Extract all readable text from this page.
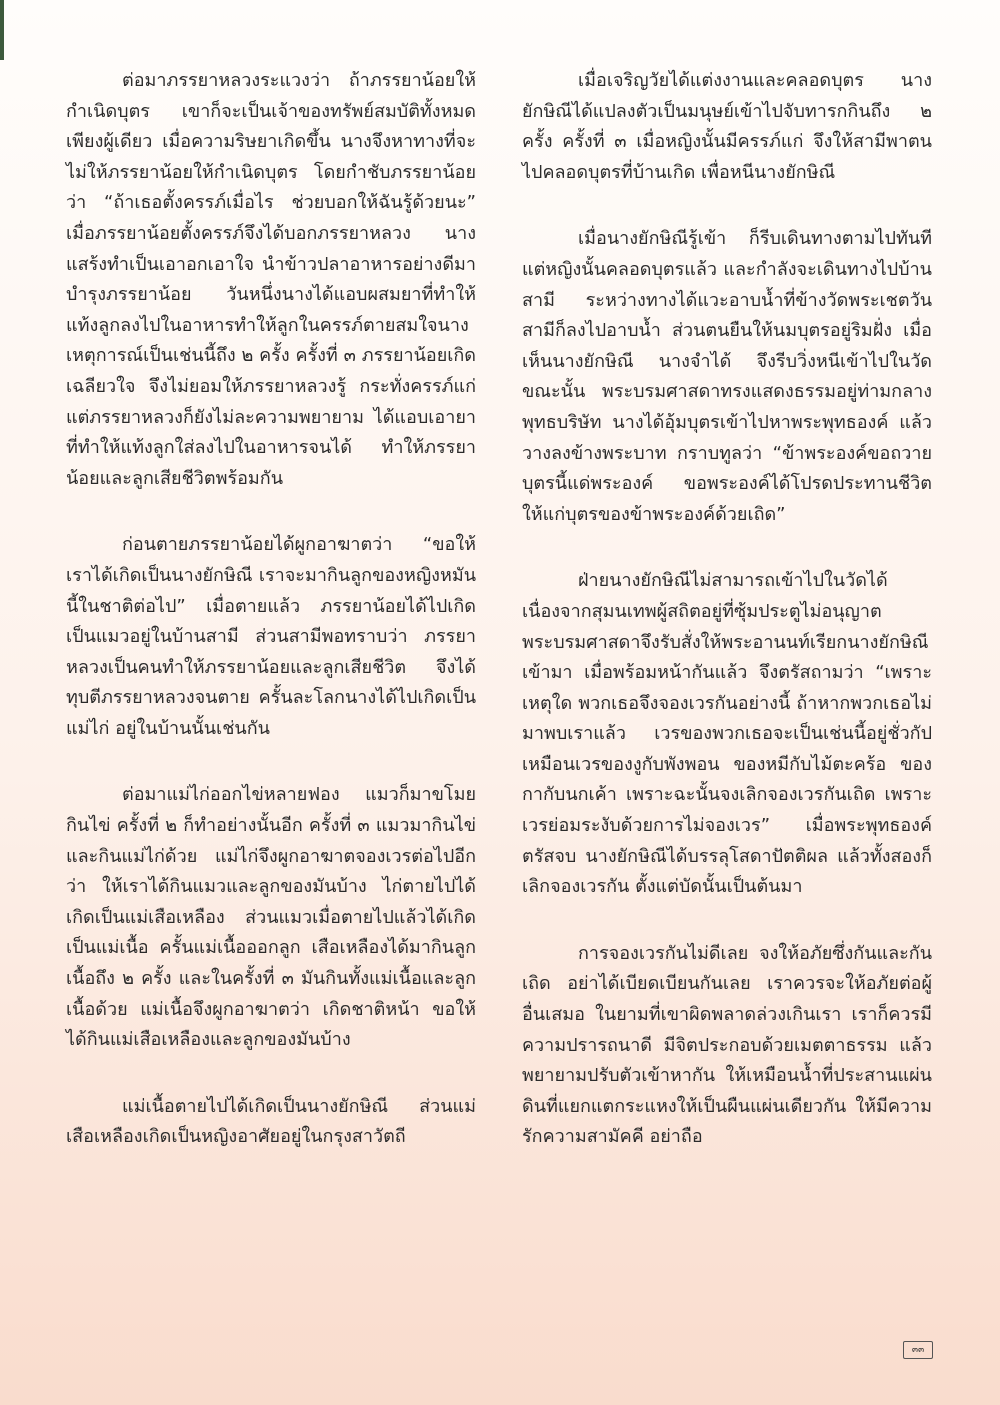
ต่อมาภรรยาหลวงระแวงว่า ถ้าภรรยาน้อยให้กำเนิดบุตร เขาก็จะเป็นเจ้าของทรัพย์สมบัติทั้งหมดเพียงผู้เดียว เมื่อความริษยาเกิดขึ้น นางจึงหาทางที่จะไม่ให้ภรรยาน้อยให้กำเนิดบุตร โดยกำชับภรรยาน้อยว่า “ถ้าเธอตั้งครรภ์เมื่อไร ช่วยบอกให้ฉันรู้ด้วยนะ” เมื่อภรรยาน้อยตั้งครรภ์จึงได้บอกภรรยาหลวง นางแสร้งทำเป็นเอาอกเอาใจ นำข้าวปลาอาหารอย่างดีมาบำรุงภรรยาน้อย วันหนึ่งนางได้แอบผสมยาที่ทำให้แท้งลูกลงไปในอาหารทำให้ลูกในครรภ์ตายสมใจนาง เหตุการณ์เป็นเช่นนี้ถึง ๒ ครั้ง ครั้งที่ ๓ ภรรยาน้อยเกิดเฉลียวใจ จึงไม่ยอมให้ภรรยาหลวงรู้ กระทั่งครรภ์แก่ แต่ภรรยาหลวงก็ยังไม่ละความพยายาม ได้แอบเอายาที่ทำให้แท้งลูกใส่ลงไปในอาหารจนได้ ทำให้ภรรยาน้อยและลูกเสียชีวิตพร้อมกัน

ก่อนตายภรรยาน้อยได้ผูกอาฆาตว่า “ขอให้เราได้เกิดเป็นนางยักษิณี เราจะมากินลูกของหญิงหมันนี้ในชาติต่อไป” เมื่อตายแล้ว ภรรยาน้อยได้ไปเกิดเป็นแมวอยู่ในบ้านสามี ส่วนสามีพอทราบว่า ภรรยาหลวงเป็นคนทำให้ภรรยาน้อยและลูกเสียชีวิต จึงได้ทุบตีภรรยาหลวงจนตาย ครั้นละโลกนางได้ไปเกิดเป็นแม่ไก่ อยู่ในบ้านนั้นเช่นกัน

ต่อมาแม่ไก่ออกไข่หลายฟอง แมวก็มาขโมยกินไข่ ครั้งที่ ๒ ก็ทำอย่างนั้นอีก ครั้งที่ ๓ แมวมากินไข่และกินแม่ไก่ด้วย แม่ไก่จึงผูกอาฆาตจองเวรต่อไปอีกว่า ให้เราได้กินแมวและลูกของมันบ้าง ไก่ตายไปได้เกิดเป็นแม่เสือเหลือง ส่วนแมวเมื่อตายไปแล้วได้เกิดเป็นแม่เนื้อ ครั้นแม่เนื้อออกลูก เสือเหลืองได้มากินลูกเนื้อถึง ๒ ครั้ง และในครั้งที่ ๓ มันกินทั้งแม่เนื้อและลูกเนื้อด้วย แม่เนื้อจึงผูกอาฆาตว่า เกิดชาติหน้า ขอให้ได้กินแม่เสือเหลืองและลูกของมันบ้าง

แม่เนื้อตายไปได้เกิดเป็นนางยักษิณี ส่วนแม่เสือเหลืองเกิดเป็นหญิงอาศัยอยู่ในกรุงสาวัตถี

เมื่อเจริญวัยได้แต่งงานและคลอดบุตร นางยักษิณีได้แปลงตัวเป็นมนุษย์เข้าไปจับทารกกินถึง ๒ ครั้ง ครั้งที่ ๓ เมื่อหญิงนั้นมีครรภ์แก่ จึงให้สามีพาตนไปคลอดบุตรที่บ้านเกิด เพื่อหนีนางยักษิณี

เมื่อนางยักษิณีรู้เข้า ก็รีบเดินทางตามไปทันที แต่หญิงนั้นคลอดบุตรแล้ว และกำลังจะเดินทางไปบ้านสามี ระหว่างทางได้แวะอาบน้ำที่ข้างวัดพระเชตวัน สามีก็ลงไปอาบน้ำ ส่วนตนยืนให้นมบุตรอยู่ริมฝั่ง เมื่อเห็นนางยักษิณี นางจำได้ จึงรีบวิ่งหนีเข้าไปในวัด ขณะนั้น พระบรมศาสดาทรงแสดงธรรมอยู่ท่ามกลางพุทธบริษัท นางได้อุ้มบุตรเข้าไปหาพระพุทธองค์ แล้ววางลงข้างพระบาท กราบทูลว่า “ข้าพระองค์ขอถวายบุตรนี้แด่พระองค์ ขอพระองค์ได้โปรดประทานชีวิต ให้แก่บุตรของข้าพระองค์ด้วยเถิด”

ฝ่ายนางยักษิณีไม่สามารถเข้าไปในวัดได้ เนื่องจากสุมนเทพผู้สถิตอยู่ที่ซุ้มประตูไม่อนุญาต พระบรมศาสดาจึงรับสั่งให้พระอานนท์เรียกนางยักษิณีเข้ามา เมื่อพร้อมหน้ากันแล้ว จึงตรัสถามว่า “เพราะเหตุใด พวกเธอจึงจองเวรกันอย่างนี้ ถ้าหากพวกเธอไม่มาพบเราแล้ว เวรของพวกเธอจะเป็นเช่นนี้อยู่ชั่วกัป เหมือนเวรของงูกับพังพอน ของหมีกับไม้ตะคร้อ ของกากับนกเค้า เพราะฉะนั้นจงเลิกจองเวรกันเถิด เพราะเวรย่อมระงับด้วยการไม่จองเวร” เมื่อพระพุทธองค์ตรัสจบ นางยักษิณีได้บรรลุโสดาปัตติผล แล้วทั้งสองก็เลิกจองเวรกัน ตั้งแต่บัดนั้นเป็นต้นมา

การจองเวรกันไม่ดีเลย จงให้อภัยซึ่งกันและกันเถิด อย่าได้เบียดเบียนกันเลย เราควรจะให้อภัยต่อผู้อื่นเสมอ ในยามที่เขาผิดพลาดล่วงเกินเรา เราก็ควรมีความปรารถนาดี มีจิตประกอบด้วยเมตตาธรรม แล้วพยายามปรับตัวเข้าหากัน ให้เหมือนน้ำที่ประสานแผ่นดินที่แยกแตกระแหงให้เป็นผืนแผ่นเดียวกัน ให้มีความรักความสามัคคี อย่าถือ

๓๓
